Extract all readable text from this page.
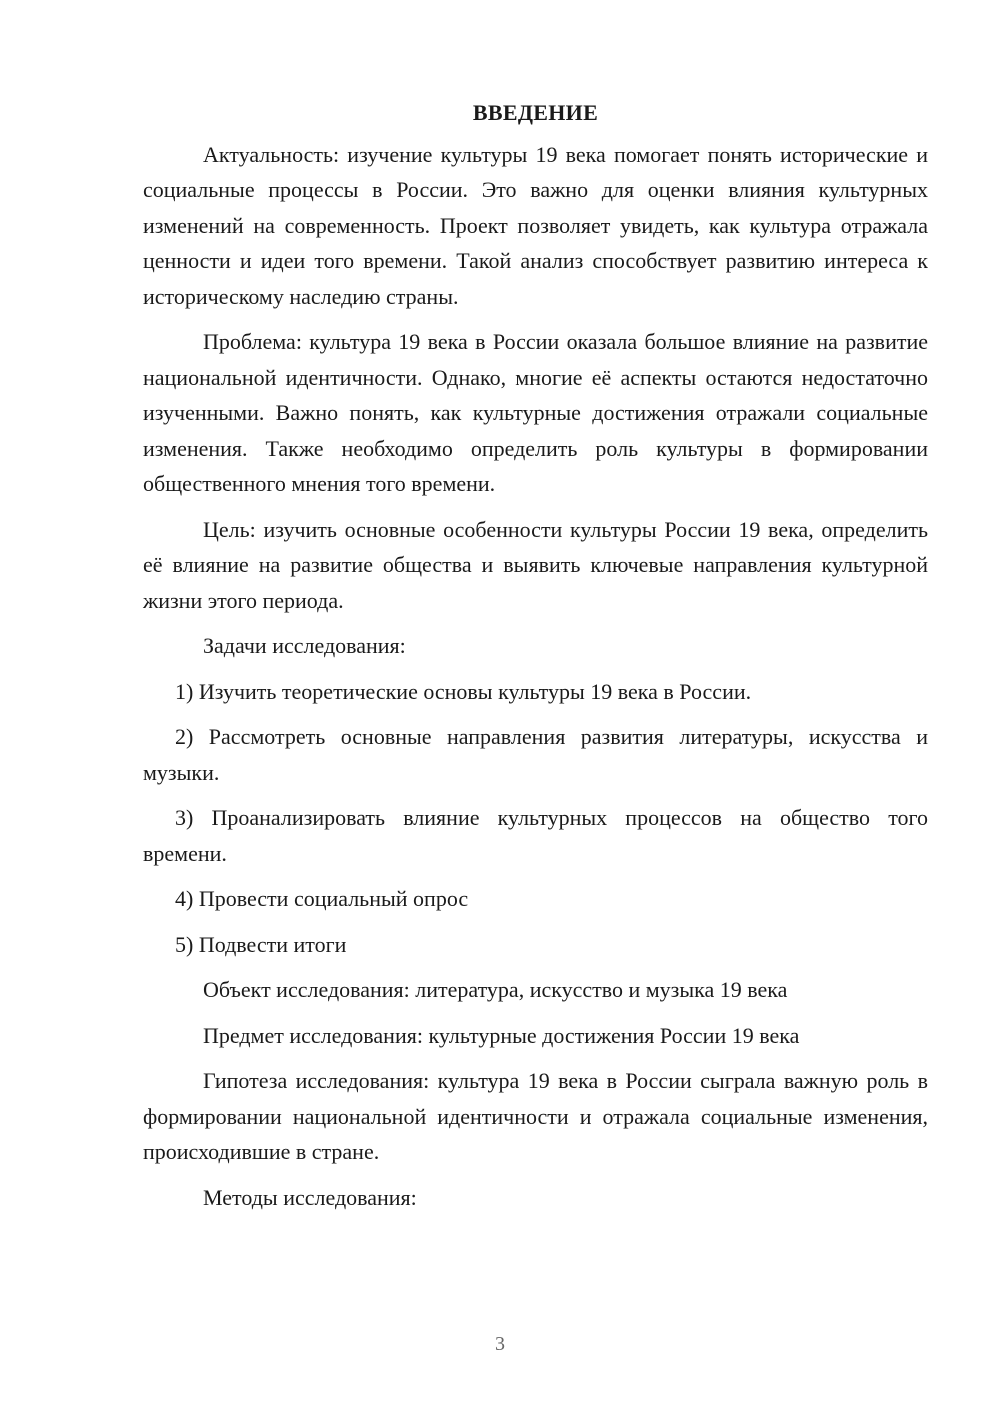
ВВЕДЕНИЕ

Актуальность: изучение культуры 19 века помогает понять исторические и социальные процессы в России. Это важно для оценки влияния культурных изменений на современность. Проект позволяет увидеть, как культура отражала ценности и идеи того времени. Такой анализ способствует развитию интереса к историческому наследию страны.

Проблема: культура 19 века в России оказала большое влияние на развитие национальной идентичности. Однако, многие её аспекты остаются недостаточно изученными. Важно понять, как культурные достижения отражали социальные изменения. Также необходимо определить роль культуры в формировании общественного мнения того времени.

Цель: изучить основные особенности культуры России 19 века, определить её влияние на развитие общества и выявить ключевые направления культурной жизни этого периода.

Задачи исследования:

1) Изучить теоретические основы культуры 19 века в России.

2) Рассмотреть основные направления развития литературы, искусства и музыки.

3) Проанализировать влияние культурных процессов на общество того времени.

4) Провести социальный опрос

5) Подвести итоги

Объект исследования: литература, искусство и музыка 19 века

Предмет исследования: культурные достижения России 19 века

Гипотеза исследования: культура 19 века в России сыграла важную роль в формировании национальной идентичности и отражала социальные изменения, происходившие в стране.

Методы исследования:

3
